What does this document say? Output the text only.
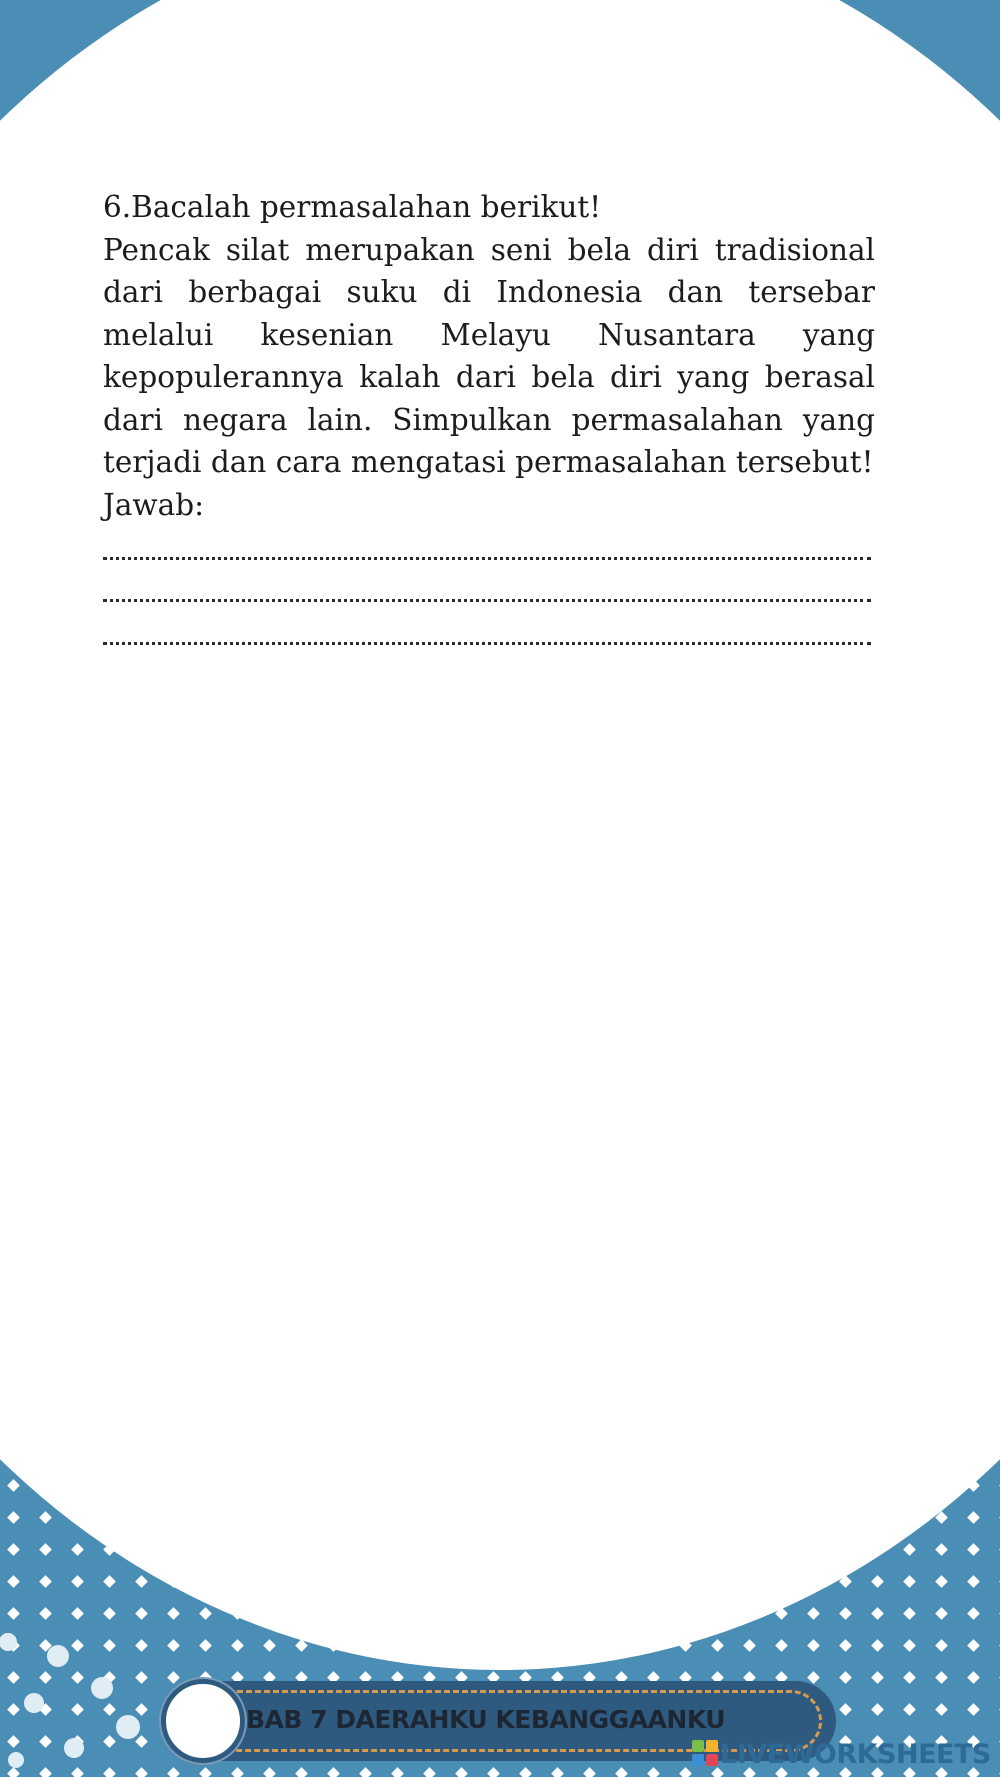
6.Bacalah permasalahan berikut!

Pencak silat merupakan seni bela diri tradisional dari berbagai suku di Indonesia dan tersebar melalui kesenian Melayu Nusantara yang kepopulerannya kalah dari bela diri yang berasal dari negara lain. Simpulkan permasalahan yang terjadi dan cara mengatasi permasalahan tersebut!

Jawab:

BAB 7 DAERAHKU KEBANGGAANKU
LIVEWORKSHEETS
